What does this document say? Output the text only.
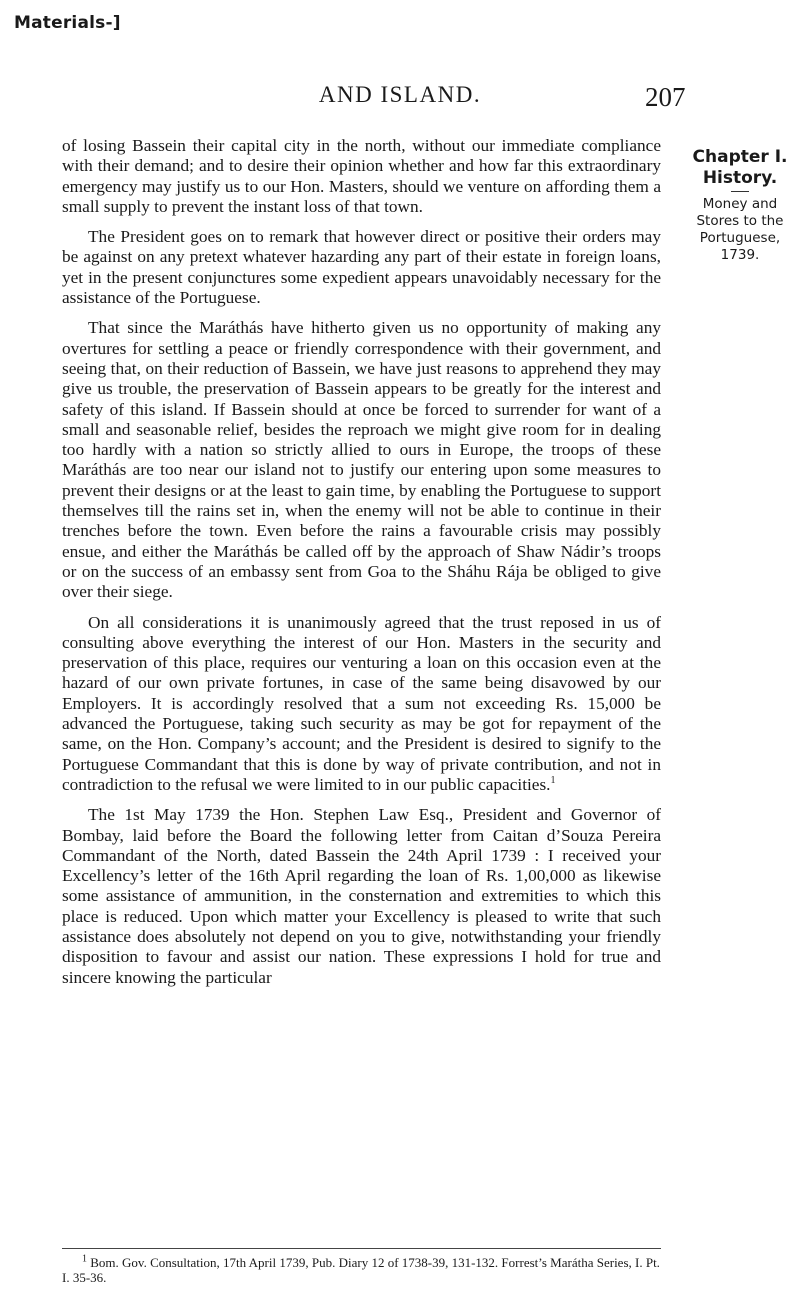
Materials-]
AND ISLAND.	207

of losing Bassein their capital city in the north, without our immediate compliance with their demand; and to desire their opinion whether and how far this extraordinary emergency may justify us to our Hon. Masters, should we venture on affording them a small supply to prevent the instant loss of that town.

The President goes on to remark that however direct or positive their orders may be against on any pretext whatever hazarding any part of their estate in foreign loans, yet in the present conjunctures some expedient appears unavoidably necessary for the assistance of the Portuguese.

That since the Maráthás have hitherto given us no opportunity of making any overtures for settling a peace or friendly correspondence with their government, and seeing that, on their reduction of Bassein, we have just reasons to apprehend they may give us trouble, the preservation of Bassein appears to be greatly for the interest and safety of this island. If Bassein should at once be forced to surrender for want of a small and seasonable relief, besides the reproach we might give room for in dealing too hardly with a nation so strictly allied to ours in Europe, the troops of these Maráthás are too near our island not to justify our entering upon some measures to prevent their designs or at the least to gain time, by enabling the Portuguese to support themselves till the rains set in, when the enemy will not be able to continue in their trenches before the town. Even before the rains a favourable crisis may possibly ensue, and either the Maráthás be called off by the approach of Shaw Nádir’s troops or on the success of an embassy sent from Goa to the Sháhu Rája be obliged to give over their siege.

On all considerations it is unanimously agreed that the trust reposed in us of consulting above everything the interest of our Hon. Masters in the security and preservation of this place, requires our venturing a loan on this occasion even at the hazard of our own private fortunes, in case of the same being disavowed by our Employers. It is accordingly resolved that a sum not exceeding Rs. 15,000 be advanced the Portuguese, taking such security as may be got for repayment of the same, on the Hon. Company’s account; and the President is desired to signify to the Portuguese Commandant that this is done by way of private contribution, and not in contradiction to the refusal we were limited to in our public capacities.$^1$

The 1st May 1739 the Hon. Stephen Law Esq., President and Governor of Bombay, laid before the Board the following letter from Caitan d’Souza Pereira Commandant of the North, dated Bassein the 24th April 1739 : I received your Excellency’s letter of the 16th April regarding the loan of Rs. 1,00,000 as likewise some assistance of ammunition, in the consternation and extremities to which this place is reduced. Upon which matter your Excellency is pleased to write that such assistance does absolutely not depend on you to give, notwithstanding your friendly disposition to favour and assist our nation. These expressions I hold for true and sincere knowing the particular

Chapter I.
History.
Money and Stores to the Portuguese,
1739.
$^1$ Bom. Gov. Consultation, 17th April 1739, Pub. Diary 12 of 1738-39, 131-132. Forrest’s Marátha Series, I. Pt. I. 35-36.
